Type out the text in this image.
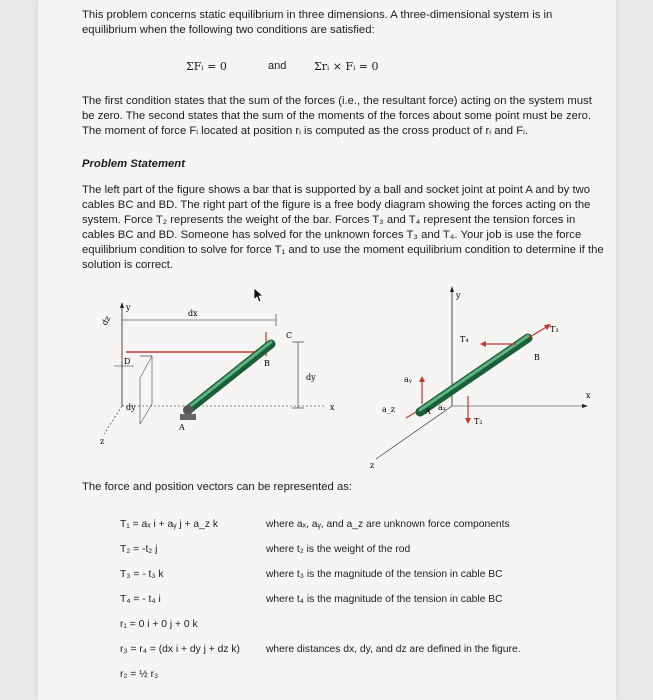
This problem concerns static equilibrium in three dimensions. A three-dimensional system is in equilibrium when the following two conditions are satisfied:
ΣFᵢ = 0	and	Σrᵢ × Fᵢ = 0
The first condition states that the sum of the forces (i.e., the resultant force) acting on the system must be zero. The second states that the sum of the moments of the forces about some point must be zero. The moment of force Fᵢ located at position rᵢ is computed as the cross product of rᵢ and Fᵢ.
Problem Statement
The left part of the figure shows a bar that is supported by a ball and socket joint at point A and by two cables BC and BD. The right part of the figure is a free body diagram showing the forces acting on the system. Force T₂ represents the weight of the bar. Forces T₃ and T₄ represent the tension forces in cables BC and BD. Someone has solved for the unknown forces T₃ and T₄. Your job is use the force equilibrium condition to solve for force T₁ and to use the moment equilibrium condition to determine if the solution is correct.
y
z
x
dx
C
D	B
dy
dz
dy
A
y
x
z
B
T₃
T₄
T₂
aᵧ
a_z	A aₓ
The force and position vectors can be represented as:
T₁ = aₓ i + aᵧ j + a_z k	where aₓ, aᵧ, and a_z are unknown force components
T₂ = -t₂ j	where t₂ is the weight of the rod
T₃ = - t₃ k	where t₃ is the magnitude of the tension in cable BC
T₄ = - t₄ i	where t₄ is the magnitude of the tension in cable BC
r₁ = 0 i + 0 j + 0 k
r₃ = r₄ = (dx i + dy j + dz k)	where distances dx, dy, and dz are defined in the figure.
r₂ = ½ r₃
